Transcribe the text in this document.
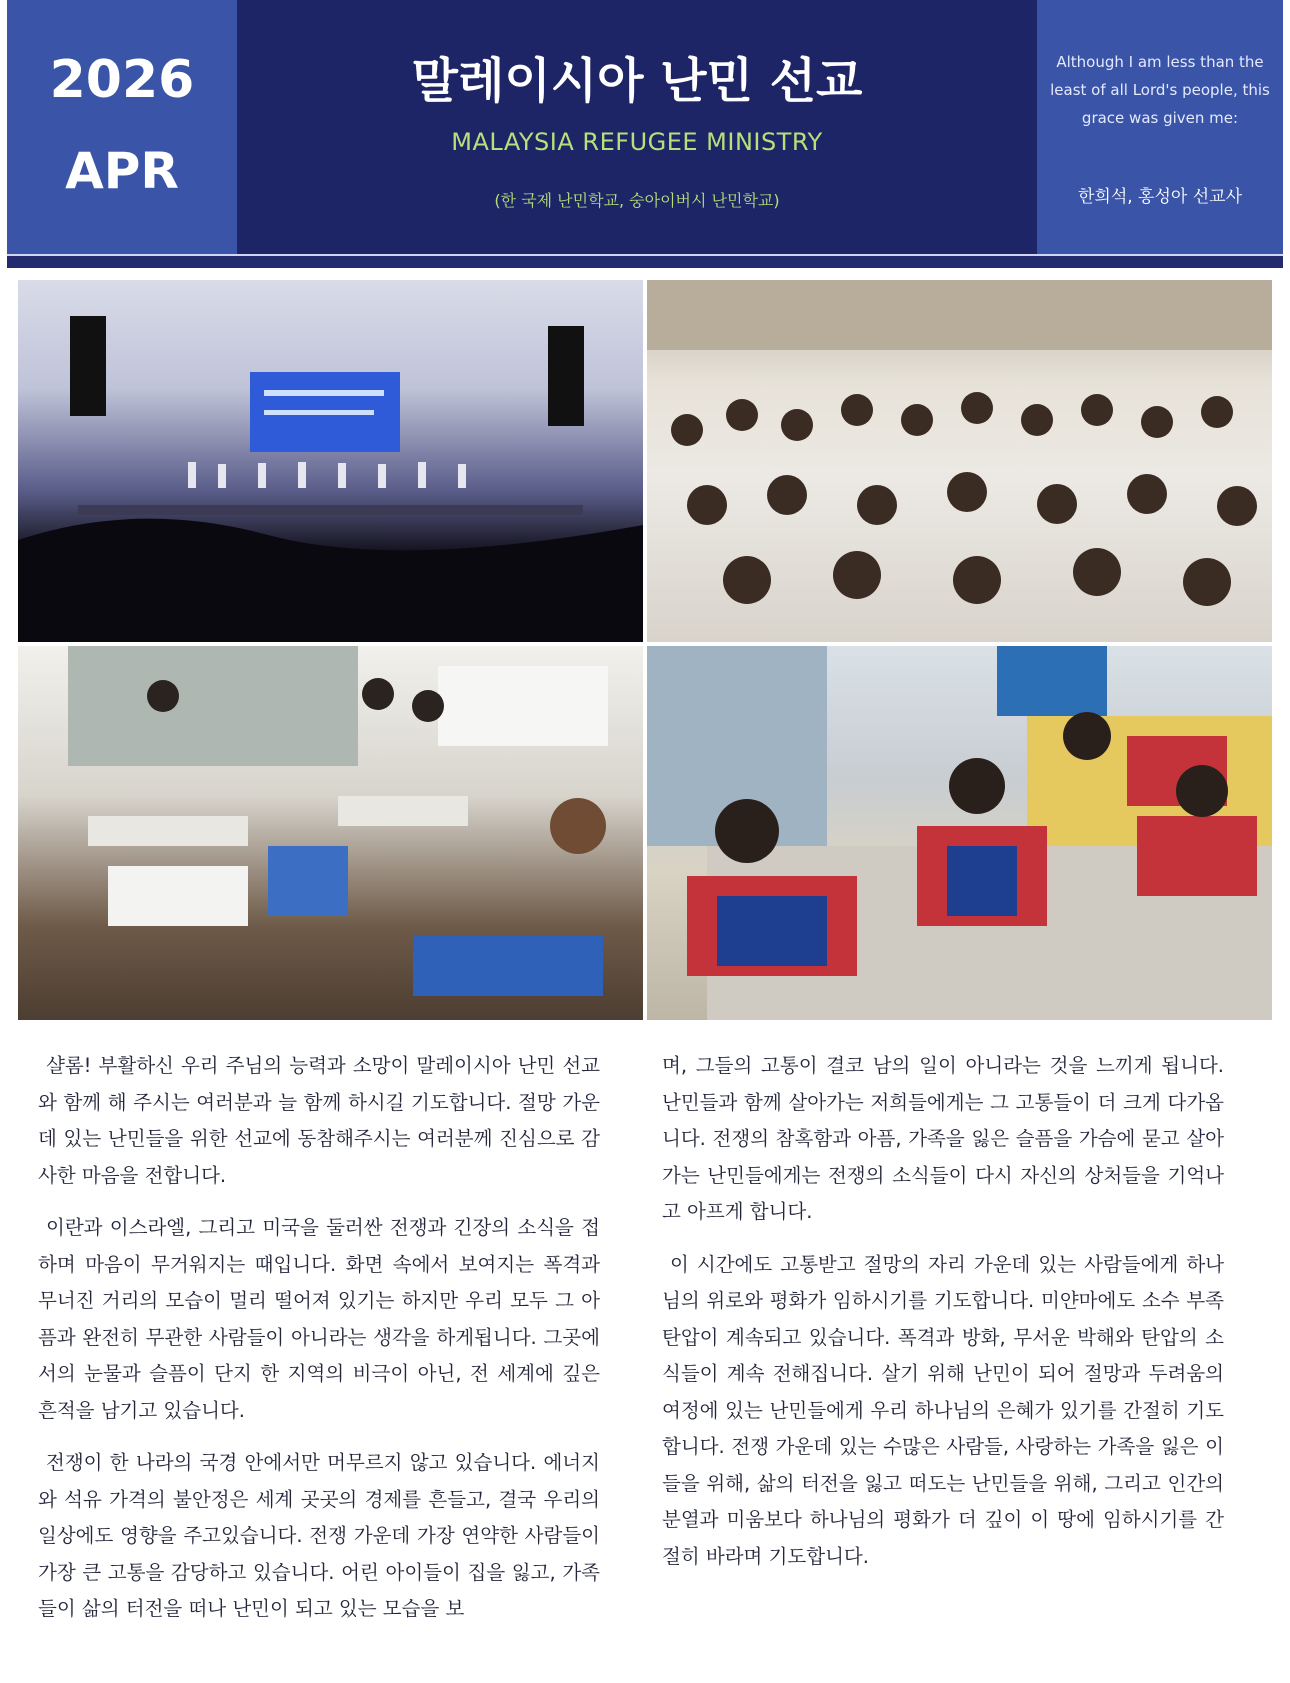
2026
APR
말레이시아 난민 선교
MALAYSIA REFUGEE MINISTRY
(한 국제 난민학교, 숭아이버시 난민학교)
Although I am less than the least of all Lord's people, this grace was given me:
한희석, 홍성아 선교사

샬롬! 부활하신 우리 주님의 능력과 소망이 말레이시아 난민 선교와 함께 해 주시는 여러분과 늘 함께 하시길 기도합니다. 절망 가운데 있는 난민들을 위한 선교에 동참해주시는 여러분께 진심으로 감사한 마음을 전합니다.

이란과 이스라엘, 그리고 미국을 둘러싼 전쟁과 긴장의 소식을 접하며 마음이 무거워지는 때입니다. 화면 속에서 보여지는 폭격과 무너진 거리의 모습이 멀리 떨어져 있기는 하지만 우리 모두 그 아픔과 완전히 무관한 사람들이 아니라는 생각을 하게됩니다. 그곳에서의 눈물과 슬픔이 단지 한 지역의 비극이 아닌, 전 세계에 깊은 흔적을 남기고 있습니다.

전쟁이 한 나라의 국경 안에서만 머무르지 않고 있습니다. 에너지와 석유 가격의 불안정은 세계 곳곳의 경제를 흔들고, 결국 우리의 일상에도 영향을 주고있습니다. 전쟁 가운데 가장 연약한 사람들이 가장 큰 고통을 감당하고 있습니다. 어린 아이들이 집을 잃고, 가족들이 삶의 터전을 떠나 난민이 되고 있는 모습을 보

며, 그들의 고통이 결코 남의 일이 아니라는 것을 느끼게 됩니다. 난민들과 함께 살아가는 저희들에게는 그 고통들이 더 크게 다가옵니다. 전쟁의 참혹함과 아픔, 가족을 잃은 슬픔을 가슴에 묻고 살아가는 난민들에게는 전쟁의 소식들이 다시 자신의 상처들을 기억나고 아프게 합니다.

이 시간에도 고통받고 절망의 자리 가운데 있는 사람들에게 하나님의 위로와 평화가 임하시기를 기도합니다. 미얀마에도 소수 부족 탄압이 계속되고 있습니다. 폭격과 방화, 무서운 박해와 탄압의 소식들이 계속 전해집니다. 살기 위해 난민이 되어 절망과 두려움의 여정에 있는 난민들에게 우리 하나님의 은혜가 있기를 간절히 기도합니다. 전쟁 가운데 있는 수많은 사람들, 사랑하는 가족을 잃은 이들을 위해, 삶의 터전을 잃고 떠도는 난민들을 위해, 그리고 인간의 분열과 미움보다 하나님의 평화가 더 깊이 이 땅에 임하시기를 간절히 바라며 기도합니다.
